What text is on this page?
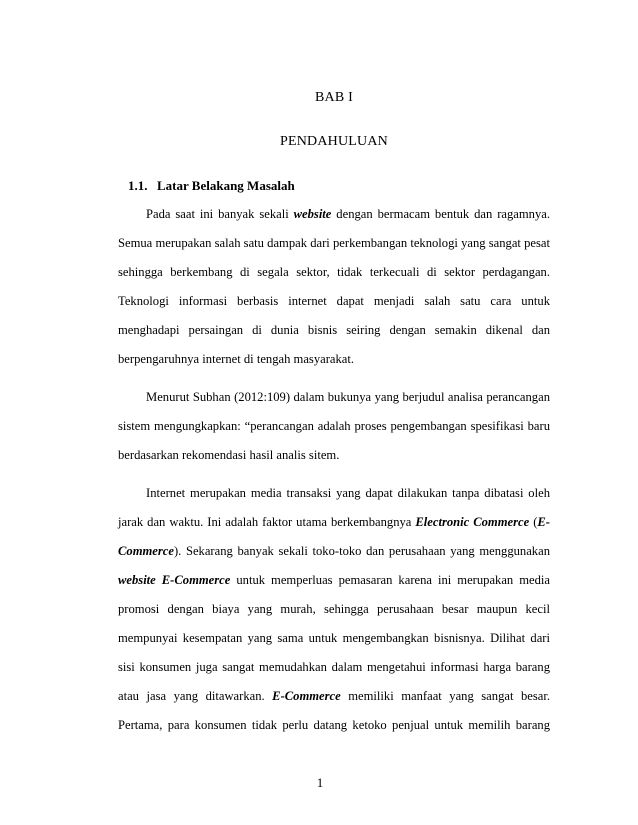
BAB I
PENDAHULUAN
1.1. Latar Belakang Masalah
Pada saat ini banyak sekali website dengan bermacam bentuk dan ragamnya.
Semua merupakan salah satu dampak dari perkembangan teknologi yang sangat pesat
sehingga berkembang di segala sektor, tidak terkecuali di sektor perdagangan.
Teknologi informasi berbasis internet dapat menjadi salah satu cara untuk
menghadapi persaingan di dunia bisnis seiring dengan semakin dikenal dan
berpengaruhnya internet di tengah masyarakat.
Menurut Subhan (2012:109) dalam bukunya yang berjudul analisa perancangan
sistem mengungkapkan: “perancangan adalah proses pengembangan spesifikasi baru
berdasarkan rekomendasi hasil analis sitem.
Internet merupakan media transaksi yang dapat dilakukan tanpa dibatasi oleh
jarak dan waktu. Ini adalah faktor utama berkembangnya Electronic Commerce (E-
Commerce). Sekarang banyak sekali toko-toko dan perusahaan yang menggunakan
website E-Commerce untuk memperluas pemasaran karena ini merupakan media
promosi dengan biaya yang murah, sehingga perusahaan besar maupun kecil
mempunyai kesempatan yang sama untuk mengembangkan bisnisnya. Dilihat dari
sisi konsumen juga sangat memudahkan dalam mengetahui informasi harga barang
atau jasa yang ditawarkan. E-Commerce memiliki manfaat yang sangat besar.
Pertama, para konsumen tidak perlu datang ketoko penjual untuk memilih barang
1
